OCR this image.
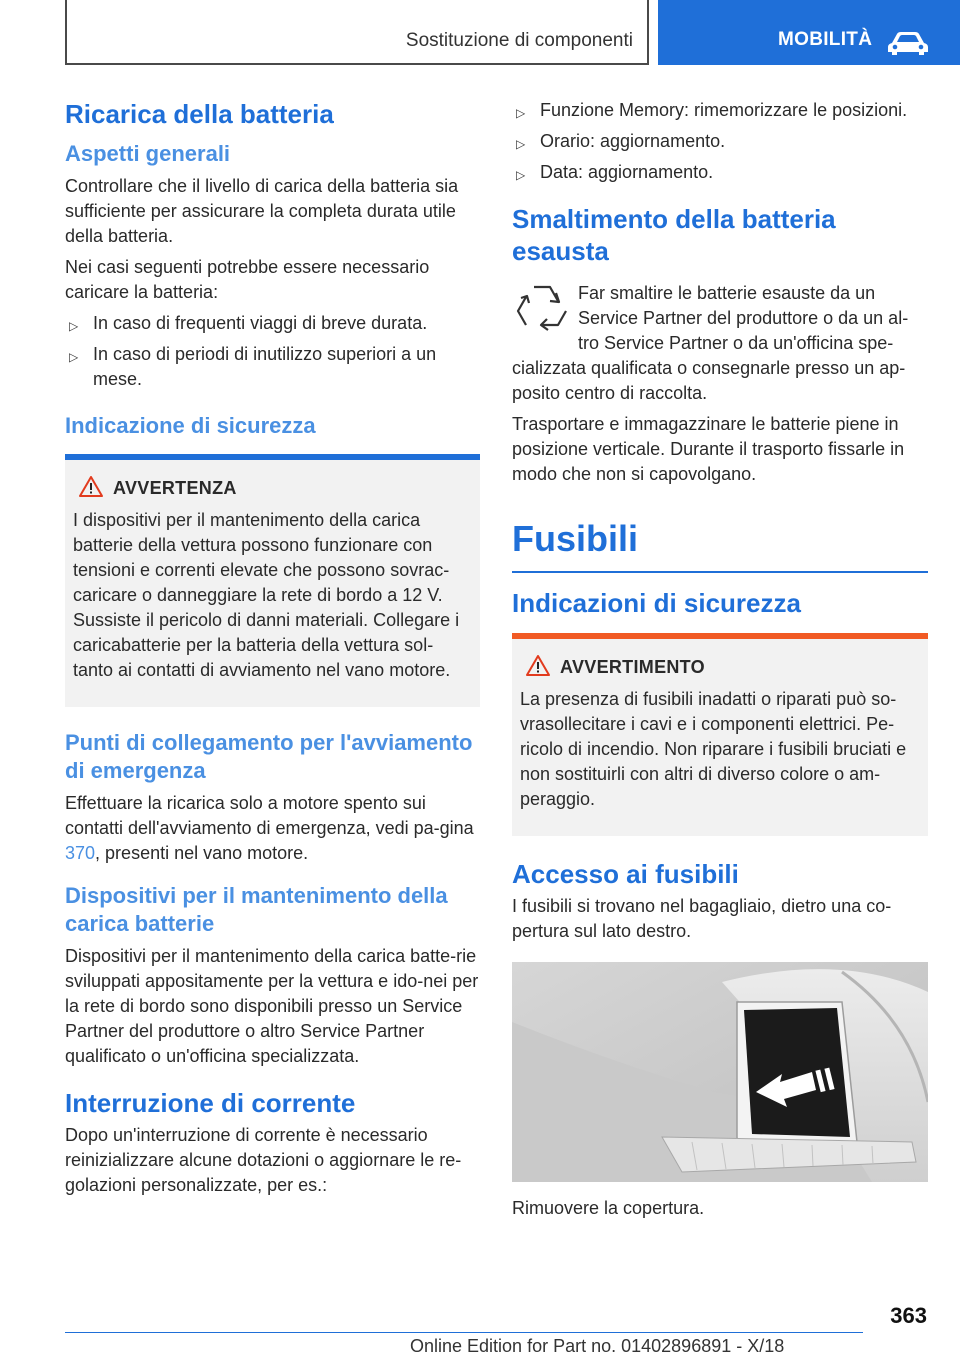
Sostituzione di componenti	MOBILITÀ
Ricarica della batteria
Aspetti generali

Controllare che il livello di carica della batteria sia sufficiente per assicurare la completa durata utile della batteria.

Nei casi seguenti potrebbe essere necessario caricare la batteria:

▷ In caso di frequenti viaggi di breve durata.
▷ In caso di periodi di inutilizzo superiori a un mese.
Indicazione di sicurezza
AVVERTENZA

I dispositivi per il mantenimento della carica batterie della vettura possono funzionare con tensioni e correnti elevate che possono sovrac-caricare o danneggiare la rete di bordo a 12 V. Sussiste il pericolo di danni materiali. Collegare i caricabatterie per la batteria della vettura sol-tanto ai contatti di avviamento nel vano motore.

Punti di collegamento per l'avviamento di emergenza

Effettuare la ricarica solo a motore spento sui contatti dell'avviamento di emergenza, vedi pa-gina 370, presenti nel vano motore.

Dispositivi per il mantenimento della carica batterie

Dispositivi per il mantenimento della carica batte-rie sviluppati appositamente per la vettura e ido-nei per la rete di bordo sono disponibili presso un Service Partner del produttore o altro Service Partner qualificato o un'officina specializzata.

Interruzione di corrente

Dopo un'interruzione di corrente è necessario reinizializzare alcune dotazioni o aggiornare le re-golazioni personalizzate, per es.:

▷ Funzione Memory: rimemorizzare le posizioni.
▷ Orario: aggiornamento.
▷ Data: aggiornamento.
Smaltimento della batteria esausta

Far smaltire le batterie esauste da un Service Partner del produttore o da un al-tro Service Partner o da un'officina spe-

cializzata qualificata o consegnarle presso un ap-posito centro di raccolta.

Trasportare e immagazzinare le batterie piene in posizione verticale. Durante il trasporto fissarle in modo che non si capovolgano.

Fusibili
Indicazioni di sicurezza
AVVERTIMENTO

La presenza di fusibili inadatti o riparati può so-vrasollecitare i cavi e i componenti elettrici. Pe-ricolo di incendio. Non riparare i fusibili bruciati e non sostituirli con altri di diverso colore o am-peraggio.

Accesso ai fusibili

I fusibili si trovano nel bagagliaio, dietro una co-pertura sul lato destro.

Rimuovere la copertura.

363
Online Edition for Part no. 01402896891 - X/18
